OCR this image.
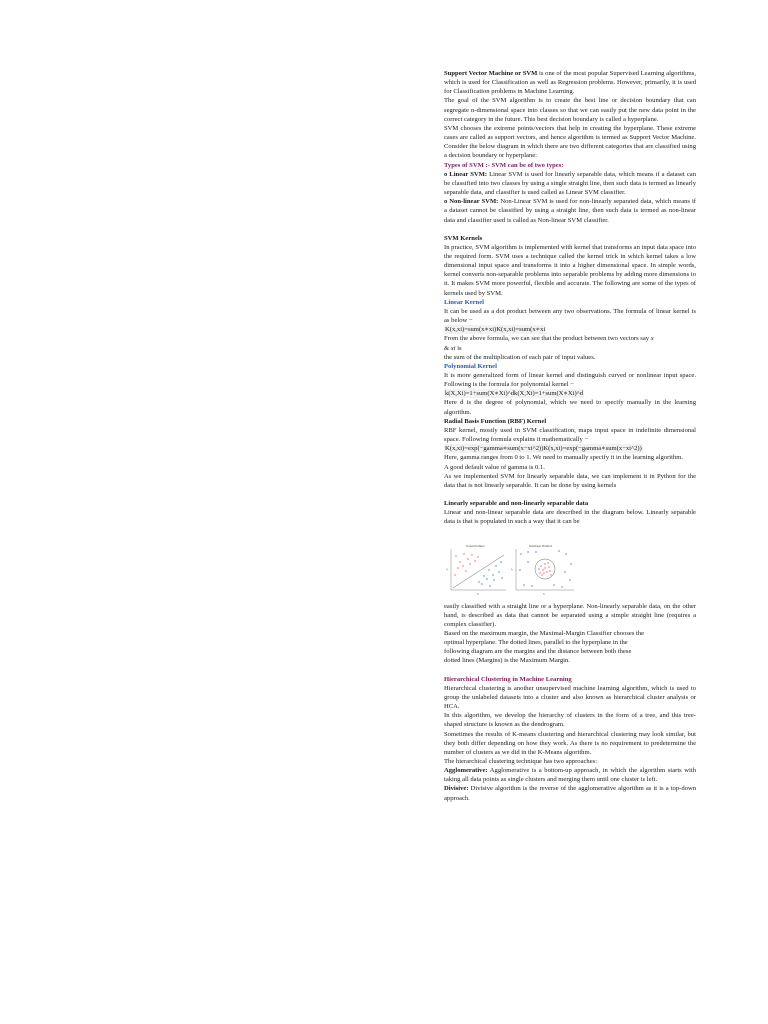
Support Vector Machine or SVM is one of the most popular Supervised Learning algorithms, which is used for Classification as well as Regression problems. However, primarily, it is used for Classification problems in Machine Learning.

The goal of the SVM algorithm is to create the best line or decision boundary that can segregate n-dimensional space into classes so that we can easily put the new data point in the correct category in the future. This best decision boundary is called a hyperplane.

SVM chooses the extreme points/vectors that help in creating the hyperplane. These extreme cases are called as support vectors, and hence algorithm is termed as Support Vector Machine. Consider the below diagram in which there are two different categories that are classified using a decision boundary or hyperplane:

Types of SVM :- SVM can be of two types:

o Linear SVM: Linear SVM is used for linearly separable data, which means if a dataset can be classified into two classes by using a single straight line, then such data is termed as linearly separable data, and classifier is used called as Linear SVM classifier.

o Non-linear SVM: Non-Linear SVM is used for non-linearly separated data, which means if a dataset cannot be classified by using a straight line, then such data is termed as non-linear data and classifier used is called as Non-linear SVM classifier.

SVM Kernels

In practice, SVM algorithm is implemented with kernel that transforms an input data space into the required form. SVM uses a technique called the kernel trick in which kernel takes a low dimensional input space and transforms it into a higher dimensional space. In simple words, kernel converts non-separable problems into separable problems by adding more dimensions to it. It makes SVM more powerful, flexible and accurate. The following are some of the types of kernels used by SVM.

Linear Kernel

It can be used as a dot product between any two observations. The formula of linear kernel is as below −

K(x,xi)=sum(x∗xi)K(x,xi)=sum(x∗xi

From the above formula, we can see that the product between two vectors say x

& xi is

the sum of the multiplication of each pair of input values.

Polynomial Kernel

It is more generalized form of linear kernel and distinguish curved or nonlinear input space. Following is the formula for polynomial kernel −

k(X,Xi)=1+sum(X∗Xi)^dk(X,Xi)=1+sum(X∗Xi)^d

Here d is the degree of polynomial, which we need to specify manually in the learning algorithm.

Radial Basis Function (RBF) Kernel

RBF kernel, mostly used in SVM classification, maps input space in indefinite dimensional space. Following formula explains it mathematically −

K(x,xi)=exp(−gamma∗sum(x−xi^2))K(x,xi)=exp(−gamma∗sum(x−xi^2))

Here, gamma ranges from 0 to 1. We need to manually specify it in the learning algorithm.

A good default value of gamma is 0.1.

As we implemented SVM for linearly separable data, we can implement it in Python for the data that is not linearly separable. It can be done by using kernels

Linearly separable and non-linearly separable data

Linear and non-linear separable data are described in the diagram below. Linearly separable data is that is populated in such a way that it can be

Linear Problem
x₂
x₁
Nonlinear Problem
x₂
x₁

easily classified with a straight line or a hyperplane. Non-linearly separable data, on the other hand, is described as data that cannot be separated using a simple straight line (requires a complex classifier).

Based on the maximum margin, the Maximal-Margin Classifier chooses the

optimal hyperplane. The dotted lines, parallel to the hyperplane in the

following diagram are the margins and the distance between both these

dotted lines (Margins) is the Maximum Margin.

Hierarchical Clustering in Machine Learning

Hierarchical clustering is another unsupervised machine learning algorithm, which is used to group the unlabeled datasets into a cluster and also known as hierarchical cluster analysis or HCA.

In this algorithm, we develop the hierarchy of clusters in the form of a tree, and this tree- shaped structure is known as the dendrogram.

Sometimes the results of K-means clustering and hierarchical clustering may look similar, but they both differ depending on how they work. As there is no requirement to predetermine the number of clusters as we did in the K-Means algorithm.

The hierarchical clustering technique has two approaches:

Agglomerative: Agglomerative is a bottom-up approach, in which the algorithm starts with taking all data points as single clusters and merging them until one cluster is left.

Divisive: Divisive algorithm is the reverse of the agglomerative algorithm as it is a top-down approach.
